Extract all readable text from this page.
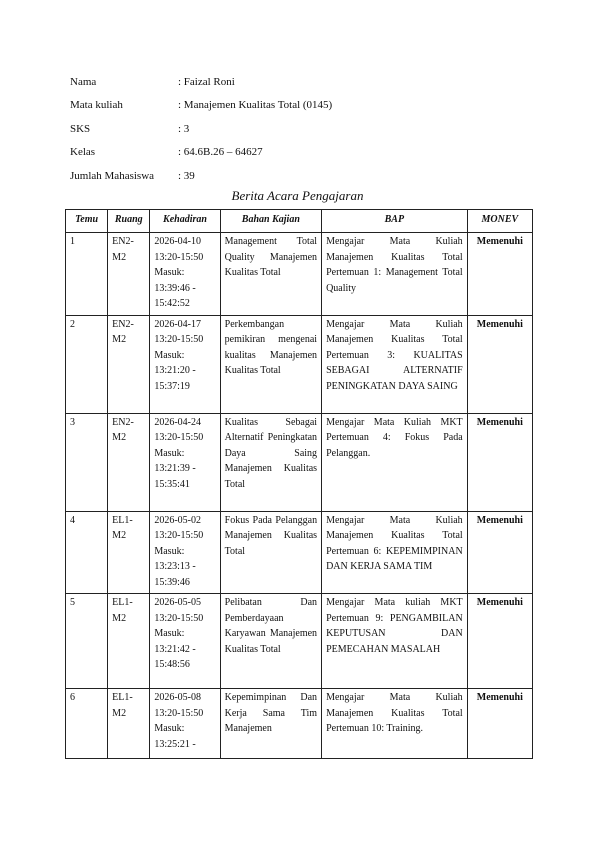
Nama	: Faizal Roni
Mata kuliah	: Manajemen Kualitas Total (0145)
SKS	: 3
Kelas	: 64.6B.26 – 64627
Jumlah Mahasiswa	: 39
Berita Acara Pengajaran
Temu	Ruang	Kehadiran	Bahan Kajian	BAP	MONEV
1	EN2-M2	2026-04-10 13:20-15:50 Masuk: 13:39:46 - 15:42:52	Management Total Quality Manajemen Kualitas Total	Mengajar Mata Kuliah Manajemen Kualitas Total Pertemuan 1: Management Total Quality	Memenuhi
2	EN2-M2	2026-04-17 13:20-15:50 Masuk: 13:21:20 - 15:37:19	Perkembangan pemikiran mengenai kualitas Manajemen Kualitas Total	Mengajar Mata Kuliah Manajemen Kualitas Total Pertemuan 3: KUALITAS SEBAGAI ALTERNATIF PENINGKATAN DAYA SAING	Memenuhi
3	EN2-M2	2026-04-24 13:20-15:50 Masuk: 13:21:39 - 15:35:41	Kualitas Sebagai Alternatif Peningkatan Daya Saing Manajemen Kualitas Total	Mengajar Mata Kuliah MKT Pertemuan 4: Fokus Pada Pelanggan.	Memenuhi
4	EL1-M2	2026-05-02 13:20-15:50 Masuk: 13:23:13 - 15:39:46	Fokus Pada Pelanggan Manajemen Kualitas Total	Mengajar Mata Kuliah Manajemen Kualitas Total Pertemuan 6: KEPEMIMPINAN DAN KERJA SAMA TIM	Memenuhi
5	EL1-M2	2026-05-05 13:20-15:50 Masuk: 13:21:42 - 15:48:56	Pelibatan Dan Pemberdayaan Karyawan Manajemen Kualitas Total	Mengajar Mata kuliah MKT Pertemuan 9: PENGAMBILAN KEPUTUSAN DAN PEMECAHAN MASALAH	Memenuhi
6	EL1-M2	2026-05-08 13:20-15:50 Masuk: 13:25:21 -	Kepemimpinan Dan Kerja Sama Tim Manajemen	Mengajar Mata Kuliah Manajemen Kualitas Total Pertemuan 10: Training.	Memenuhi
